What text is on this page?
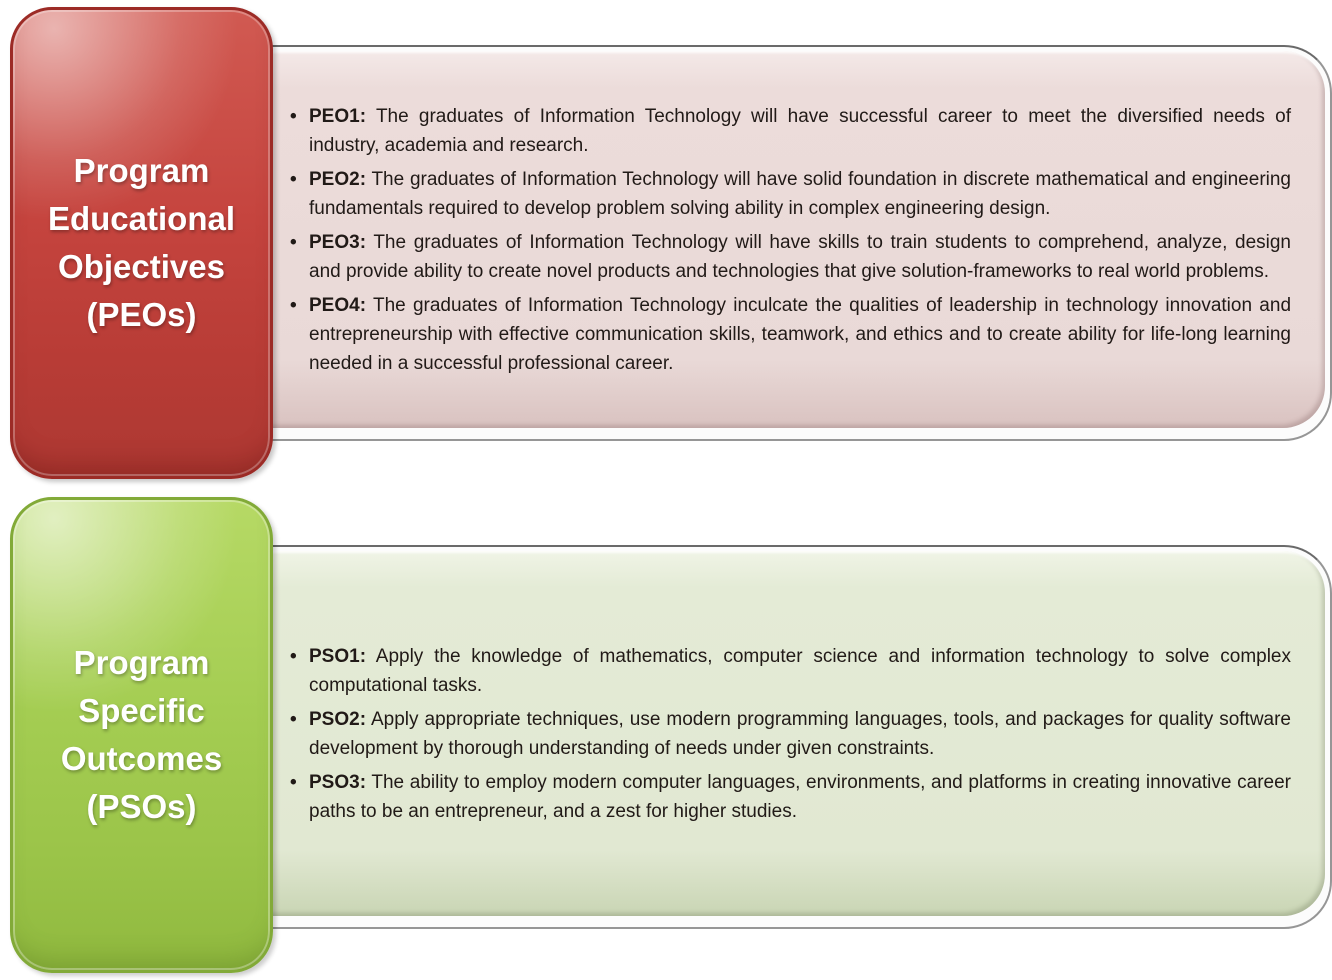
• PEO1: The graduates of Information Technology will have successful career to meet the diversified needs of industry, academia and research.
• PEO2: The graduates of Information Technology will have solid foundation in discrete mathematical and engineering fundamentals required to develop problem solving ability in complex engineering design.
• PEO3: The graduates of Information Technology will have skills to train students to comprehend, analyze, design and provide ability to create novel products and technologies that give solution-frameworks to real world problems.
• PEO4: The graduates of Information Technology inculcate the qualities of leadership in technology innovation and entrepreneurship with effective communication skills, teamwork, and ethics and to create ability for life-long learning needed in a successful professional career.
Program
Educational
Objectives
(PEOs)
• PSO1: Apply the knowledge of mathematics, computer science and information technology to solve complex computational tasks.
• PSO2: Apply appropriate techniques, use modern programming languages, tools, and packages for quality software development by thorough understanding of needs under given constraints.
• PSO3: The ability to employ modern computer languages, environments, and platforms in creating innovative career paths to be an entrepreneur, and a zest for higher studies.
Program
Specific
Outcomes
(PSOs)
